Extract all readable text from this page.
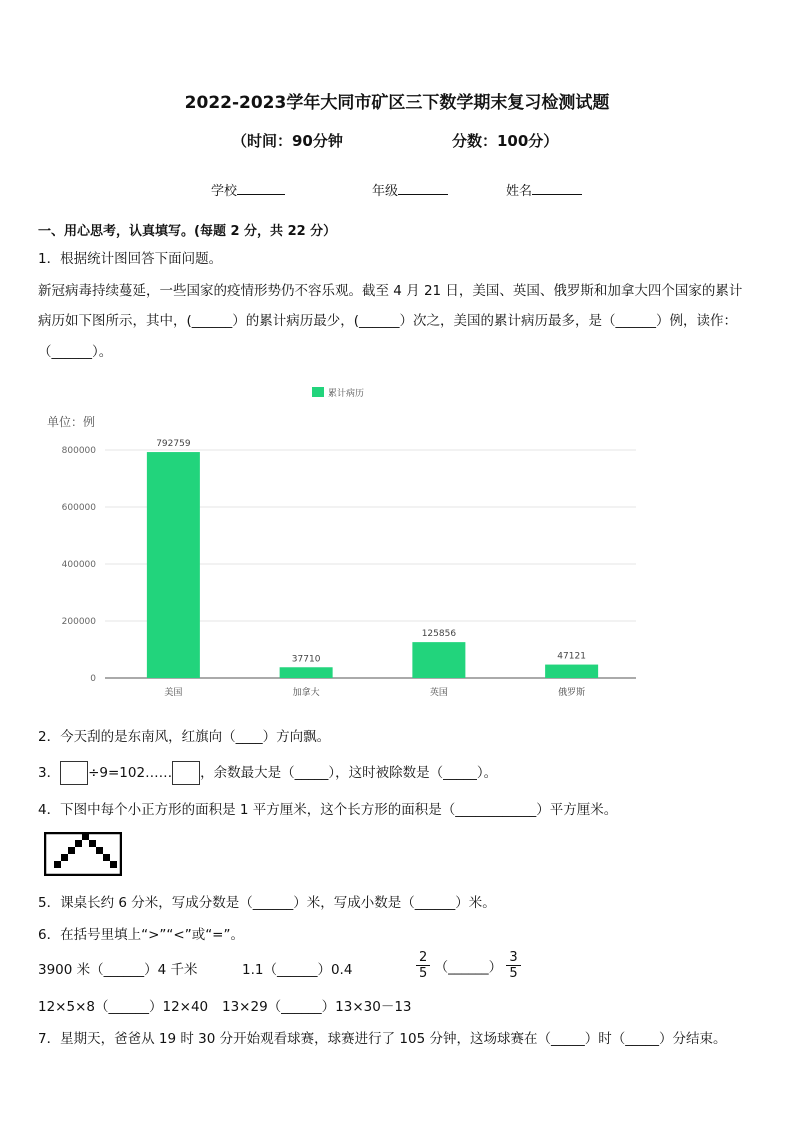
2022-2023学年大同市矿区三下数学期末复习检测试题
（时间：90分钟	分数：100分）
学校	年级	姓名
一、用心思考，认真填写。(每题 2 分，共 22 分）
1．根据统计图回答下面问题。
新冠病毒持续蔓延，一些国家的疫情形势仍不容乐观。截至 4 月 21 日，美国、英国、俄罗斯和加拿大四个国家的累计
病历如下图所示，其中，(______）的累计病历最少，(______）次之，美国的累计病历最多，是（______）例，读作：
（______）。
累计病历
单位：例
0
200000
400000
600000
800000
792759
37710
125856
47121
美国	加拿大	英国	俄罗斯
2．今天刮的是东南风，红旗向（____）方向飘。
3． ÷9=102…… ，余数最大是（_____），这时被除数是（_____）。
4．下图中每个小正方形的面积是 1 平方厘米，这个长方形的面积是（____________）平方厘米。
5．课桌长约 6 分米，写成分数是（______）米，写成小数是（______）米。
6．在括号里填上“>”“<”或“=”。
3900 米（______）4 千米	1.1（______）0.4	$\frac{2}{5}$ （______） $\frac{3}{5}$
12×5×8（______）12×40 13×29（______）13×30－13
7．星期天，爸爸从 19 时 30 分开始观看球赛，球赛进行了 105 分钟，这场球赛在（_____）时（_____）分结束。
